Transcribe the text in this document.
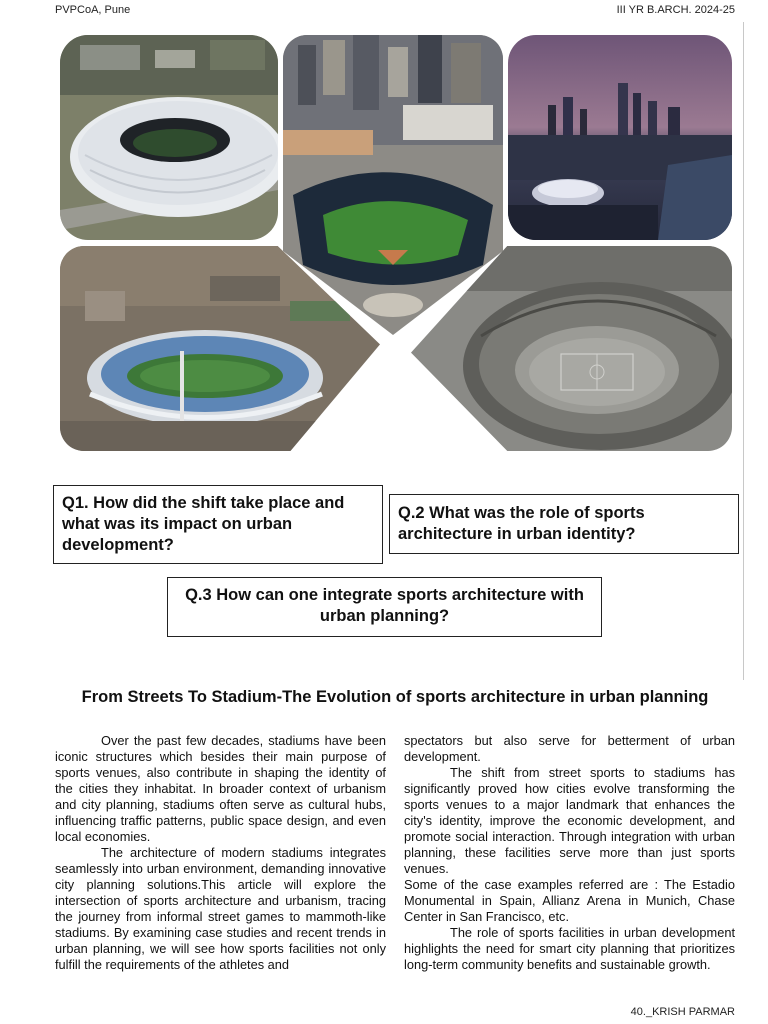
PVPCoA, Pune	III YR B.ARCH. 2024-25
Q1. How did the shift take place and what was its impact on urban development?
Q.2 What was the role of sports architecture in urban identity?
Q.3 How can one integrate sports architecture with urban planning?
From Streets To Stadium-The Evolution of sports architecture in urban planning

Over the past few decades, stadiums have been iconic structures which besides their main purpose of sports venues, also contribute in shaping the identity of the cities they inhabitat. In broader context of urbanism and city planning, stadiums often serve as cultural hubs, influencing traffic patterns, public space design, and even local economies.

The architecture of modern stadiums integrates seamlessly into urban environment, demanding innovative city planning solutions.This article will explore the intersection of sports architecture and urbanism, tracing the journey from informal street games to mammoth-like stadiums. By examining case studies and recent trends in urban planning, we will see how sports facilities not only fulfill the requirements of the athletes and

spectators but also serve for betterment of urban development.

The shift from street sports to stadiums has significantly proved how cities evolve transforming the sports venues to a major landmark that enhances the city's identity, improve the economic development, and promote social interaction. Through integration with urban planning, these facilities serve more than just sports venues.

Some of the case examples referred are : The Estadio Monumental in Spain, Allianz Arena in Munich, Chase Center in San Francisco, etc.

The role of sports facilities in urban development highlights the need for smart city planning that prioritizes long-term community benefits and sustainable growth.

40._KRISH PARMAR
